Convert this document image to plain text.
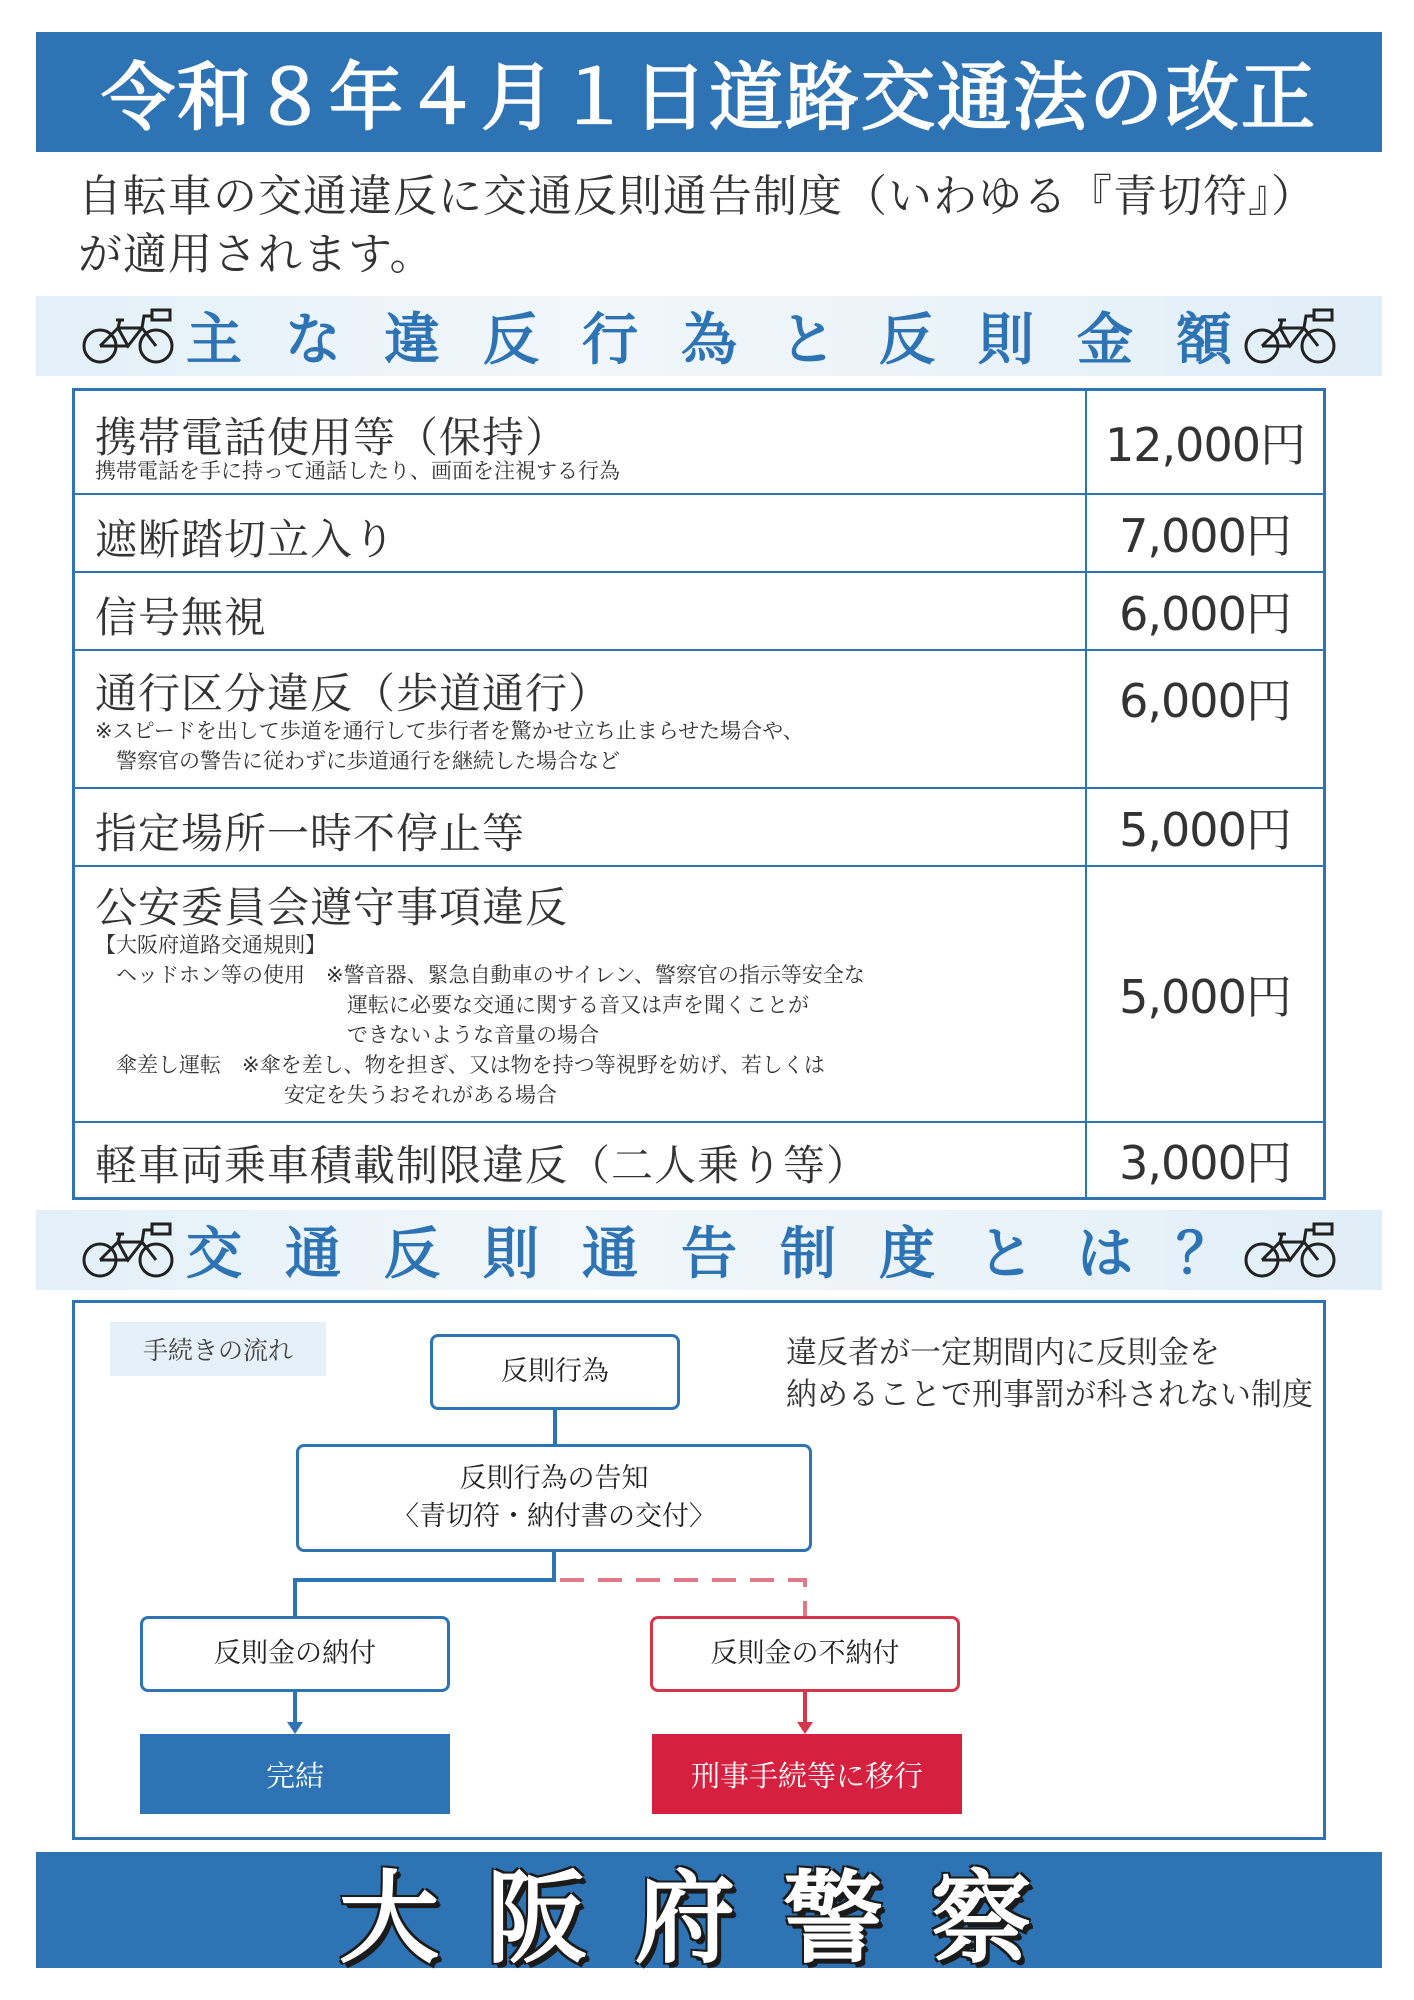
令和８年４月１日道路交通法の改正
自転車の交通違反に交通反則通告制度（いわゆる『青切符』）
が適用されます。
主 な 違 反 行 為 と 反 則 金 額
携帯電話使用等（保持）
携帯電話を手に持って通話したり、画面を注視する行為	12,000円
遮断踏切立入り	7,000円
信号無視	6,000円
通行区分違反（歩道通行）
※スピードを出して歩道を通行して歩行者を驚かせ立ち止まらせた場合や、
　警察官の警告に従わずに歩道通行を継続した場合など
6,000円
指定場所一時不停止等	5,000円
公安委員会遵守事項違反
【大阪府道路交通規則】
　ヘッドホン等の使用　※警音器、緊急自動車のサイレン、警察官の指示等安全な
　　　　　　　　　　　　運転に必要な交通に関する音又は声を聞くことが
　　　　　　　　　　　　できないような音量の場合
　傘差し運転　※傘を差し、物を担ぎ、又は物を持つ等視野を妨げ、若しくは
　　　　　　　　　安定を失うおそれがある場合
5,000円
軽車両乗車積載制限違反（二人乗り等）	3,000円
交 通 反 則 通 告 制 度 と は ？
手続きの流れ	違反者が一定期間内に反則金を
納めることで刑事罰が科されない制度
反則行為
反則行為の告知
〈青切符・納付書の交付〉
反則金の納付	反則金の不納付
完結	刑事手続等に移行
大阪府警察
